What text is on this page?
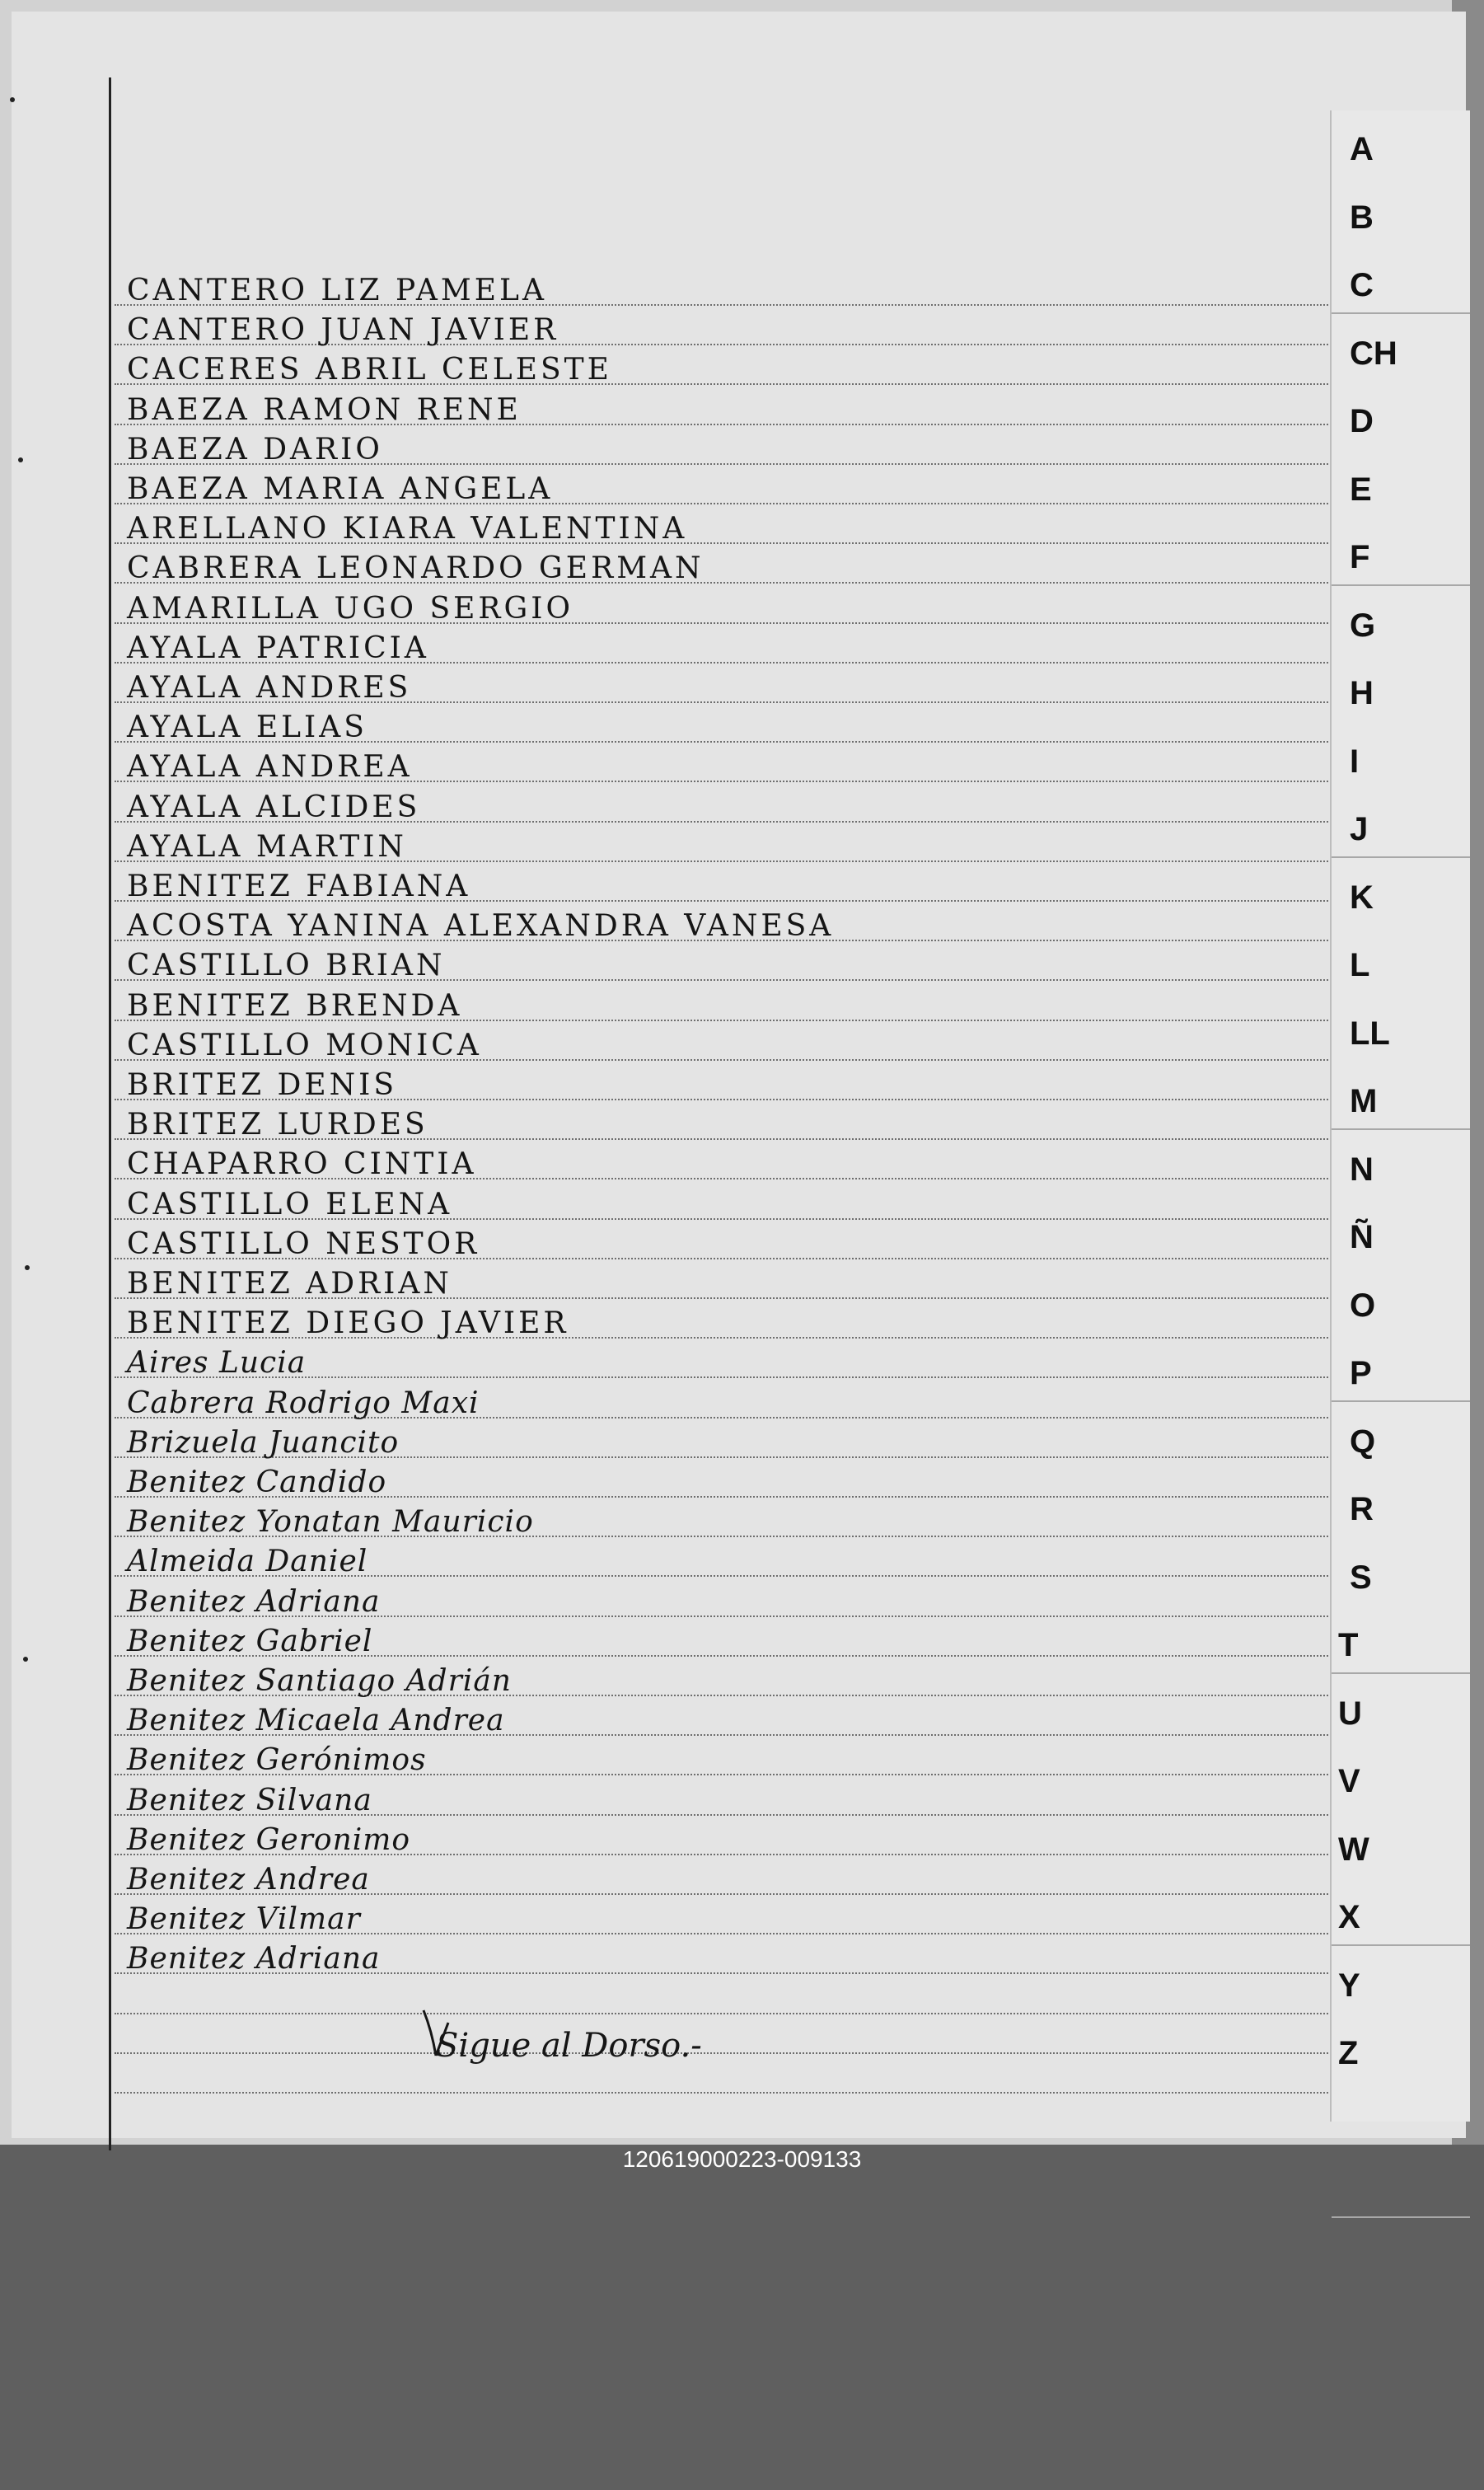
CANTERO LIZ PAMELA
CANTERO JUAN JAVIER
CACERES ABRIL CELESTE
BAEZA RAMON RENE
BAEZA DARIO
BAEZA MARIA ANGELA
ARELLANO KIARA VALENTINA
CABRERA LEONARDO GERMAN
AMARILLA UGO SERGIO
AYALA PATRICIA
AYALA ANDRES
AYALA ELIAS
AYALA ANDREA
AYALA ALCIDES
AYALA MARTIN
BENITEZ FABIANA
ACOSTA YANINA ALEXANDRA VANESA
CASTILLO BRIAN
BENITEZ BRENDA
CASTILLO MONICA
BRITEZ DENIS
BRITEZ LURDES
CHAPARRO CINTIA
CASTILLO ELENA
CASTILLO NESTOR
BENITEZ ADRIAN
BENITEZ DIEGO JAVIER
Aires Lucia
Cabrera Rodrigo Maxi
Brizuela Juancito
Benitez Candido
Benitez Yonatan Mauricio
Almeida Daniel
Benitez Adriana
Benitez Gabriel
Benitez Santiago Adrián
Benitez Micaela Andrea
Benitez Gerónimos
Benitez Silvana
Benitez Geronimo
Benitez Andrea
Benitez Vilmar
Benitez Adriana
Sigue al Dorso.-
A
B
C
CH
D
E
F
G
H
I
J
K
L
LL
M
N
Ñ
O
P
Q
R
S
T
U
V
W
X
Y
Z
120619000223-009133
